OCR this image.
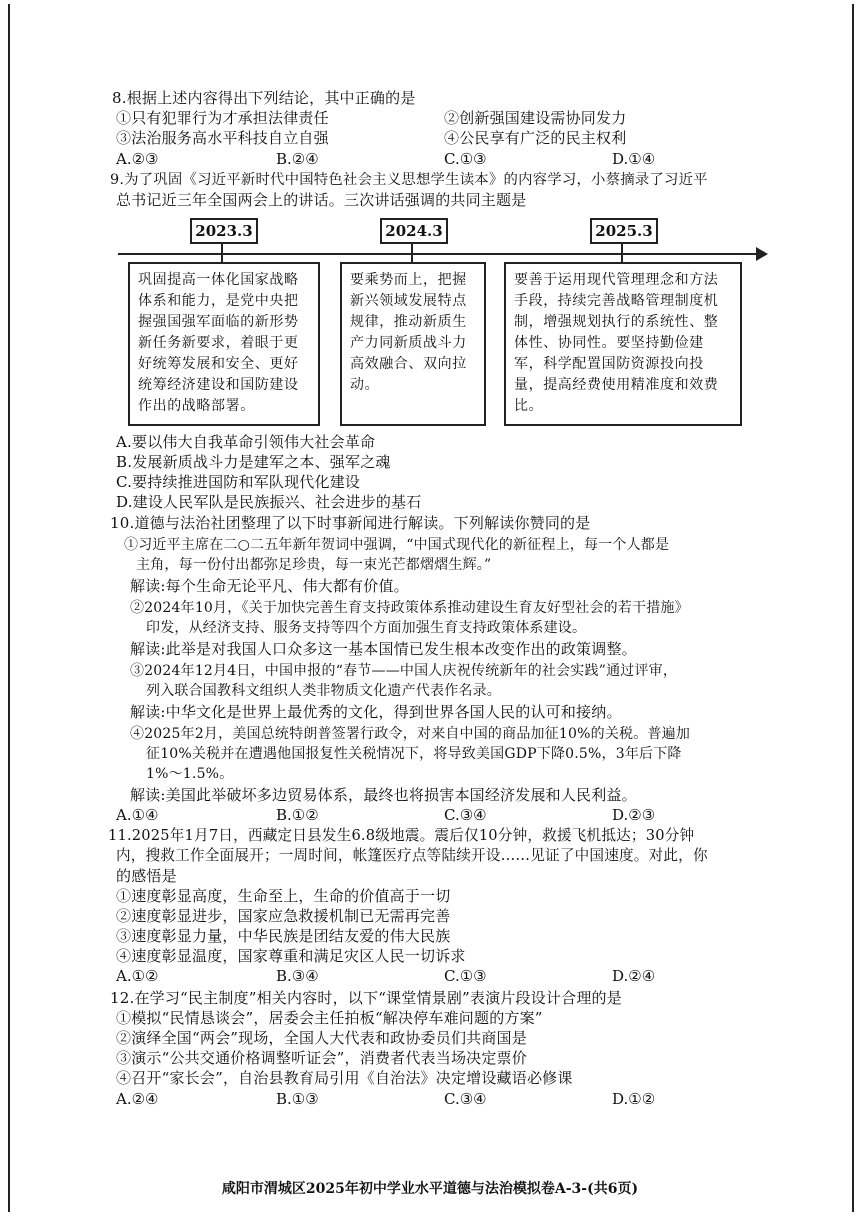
8.根据上述内容得出下列结论，其中正确的是
①只有犯罪行为才承担法律责任	②创新强国建设需协同发力
③法治服务高水平科技自立自强	④公民享有广泛的民主权利
A.②③	B.②④	C.①③	D.①④
9.为了巩固《习近平新时代中国特色社会主义思想学生读本》的内容学习，小蔡摘录了习近平
总书记近三年全国两会上的讲话。三次讲话强调的共同主题是
2023.3	2024.3	2025.3
巩固提高一体化国家战略体系和能力，是党中央把握强国强军面临的新形势新任务新要求，着眼于更好统筹发展和安全、更好统筹经济建设和国防建设作出的战略部署。
要乘势而上，把握新兴领域发展特点规律，推动新质生产力同新质战斗力高效融合、双向拉动。
要善于运用现代管理理念和方法手段，持续完善战略管理制度机制，增强规划执行的系统性、整体性、协同性。要坚持勤俭建军，科学配置国防资源投向投量，提高经费使用精准度和效费比。
A.要以伟大自我革命引领伟大社会革命
B.发展新质战斗力是建军之本、强军之魂
C.要持续推进国防和军队现代化建设
D.建设人民军队是民族振兴、社会进步的基石
10.道德与法治社团整理了以下时事新闻进行解读。下列解读你赞同的是
①习近平主席在二○二五年新年贺词中强调，“中国式现代化的新征程上，每一个人都是
主角，每一份付出都弥足珍贵，每一束光芒都熠熠生辉。”
解读:每个生命无论平凡、伟大都有价值。
②2024年10月，《关于加快完善生育支持政策体系推动建设生育友好型社会的若干措施》
印发，从经济支持、服务支持等四个方面加强生育支持政策体系建设。
解读:此举是对我国人口众多这一基本国情已发生根本改变作出的政策调整。
③2024年12月4日，中国申报的“春节——中国人庆祝传统新年的社会实践”通过评审，
列入联合国教科文组织人类非物质文化遗产代表作名录。
解读:中华文化是世界上最优秀的文化，得到世界各国人民的认可和接纳。
④2025年2月，美国总统特朗普签署行政令，对来自中国的商品加征10%的关税。普遍加
征10%关税并在遭遇他国报复性关税情况下，将导致美国GDP下降0.5%，3年后下降
1%～1.5%。
解读:美国此举破坏多边贸易体系，最终也将损害本国经济发展和人民利益。
A.①④	B.①②	C.③④	D.②③
11.2025年1月7日，西藏定日县发生6.8级地震。震后仅10分钟，救援飞机抵达；30分钟
内，搜救工作全面展开；一周时间，帐篷医疗点等陆续开设……见证了中国速度。对此，你
的感悟是
①速度彰显高度，生命至上，生命的价值高于一切
②速度彰显进步，国家应急救援机制已无需再完善
③速度彰显力量，中华民族是团结友爱的伟大民族
④速度彰显温度，国家尊重和满足灾区人民一切诉求
A.①②	B.③④	C.①③	D.②④
12.在学习“民主制度”相关内容时，以下“课堂情景剧”表演片段设计合理的是
①模拟“民情恳谈会”，居委会主任拍板“解决停车难问题的方案”
②演绎全国“两会”现场，全国人大代表和政协委员们共商国是
③演示“公共交通价格调整听证会”，消费者代表当场决定票价
④召开“家长会”，自治县教育局引用《自治法》决定增设藏语必修课
A.②④	B.①③	C.③④	D.①②
咸阳市渭城区2025年初中学业水平道德与法治模拟卷A-3-(共6页)
